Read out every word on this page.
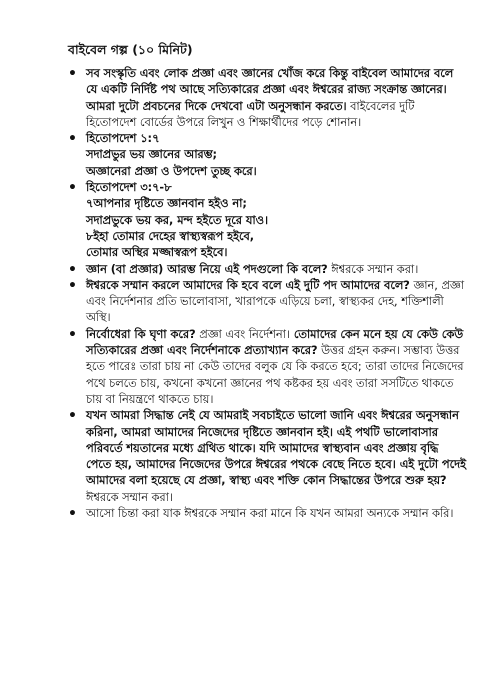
বাইবেল গল্প (১০ মিনিট)
• সব সংস্কৃতি এবং লোক প্রজ্ঞা এবং জ্ঞানের খোঁজ করে কিন্তু বাইবেল আমাদের বলে যে একটি নির্দিষ্ট পথ আছে সত্যিকারের প্রজ্ঞা এবং ঈশ্বরের রাজ্য সংক্রান্ত জ্ঞানের। আমরা দুটো প্রবচনের দিকে দেখবো এটা অনুসন্ধান করতে। বাইবেলের দুটি হিতোপদেশ বোর্ডের উপরে লিখুন ও শিক্ষার্থীদের পড়ে শোনান।
• হিতোপদেশ ১:৭
সদাপ্রভুর ভয় জ্ঞানের আরম্ভ;
অজ্ঞানেরা প্রজ্ঞা ও উপদেশ তুচ্ছ করে।
• হিতোপদেশ ৩:৭-৮
৭আপনার দৃষ্টিতে জ্ঞানবান হইও না;
সদাপ্রভুকে ভয় কর, মন্দ হইতে দূরে যাও।
৮ইহা তোমার দেহের স্বাস্থ্যস্বরূপ হইবে,
তোমার অস্থির মজ্জাস্বরূপ হইবে।
• জ্ঞান (বা প্রজ্ঞার) আরম্ভ নিয়ে এই পদগুলো কি বলে? ঈশ্বরকে সম্মান করা।
• ঈশ্বরকে সম্মান করলে আমাদের কি হবে বলে এই দুটি পদ আমাদের বলে? জ্ঞান, প্রজ্ঞা এবং নির্দেশনার প্রতি ভালোবাসা, খারাপকে এড়িয়ে চলা, স্বাস্থ্যকর দেহ, শক্তিশালী অস্থি।
• নির্বোধেরা কি ঘৃণা করে? প্রজ্ঞা এবং নির্দেশনা। তোমাদের কেন মনে হয় যে কেউ কেউ সত্যিকারের প্রজ্ঞা এবং নির্দেশনাকে প্রত্যাখ্যান করে? উত্তর গ্রহন করুন। সম্ভাব্য উত্তর হতে পারেঃ তারা চায় না কেউ তাদের বলুক যে কি করতে হবে; তারা তাদের নিজেদের পথে চলতে চায়, কখনো কখনো জ্ঞানের পথ কষ্টকর হয় এবং তারা সসটিতে থাকতে চায় বা নিয়ন্ত্রণে থাকতে চায়।
• যখন আমরা সিদ্ধান্ত নেই যে আমরাই সবচাইতে ভালো জানি এবং ঈশ্বরের অনুসন্ধান করিনা, আমরা আমাদের নিজেদের দৃষ্টিতে জ্ঞানবান হই। এই পথটি ভালোবাসার পরিবর্তে শয়তানের মধ্যে গ্রথিত থাকে। যদি আমাদের স্বাস্থ্যবান এবং প্রজ্ঞায় বৃদ্ধি পেতে হয়, আমাদের নিজেদের উপরে ঈশ্বরের পথকে বেছে নিতে হবে। এই দুটো পদেই আমাদের বলা হয়েছে যে প্রজ্ঞা, স্বাস্থ্য এবং শক্তি কোন সিদ্ধান্তের উপরে শুরু হয়? ঈশ্বরকে সম্মান করা।
• আসো চিন্তা করা যাক ঈশ্বরকে সম্মান করা মানে কি যখন আমরা অন্যকে সম্মান করি।
